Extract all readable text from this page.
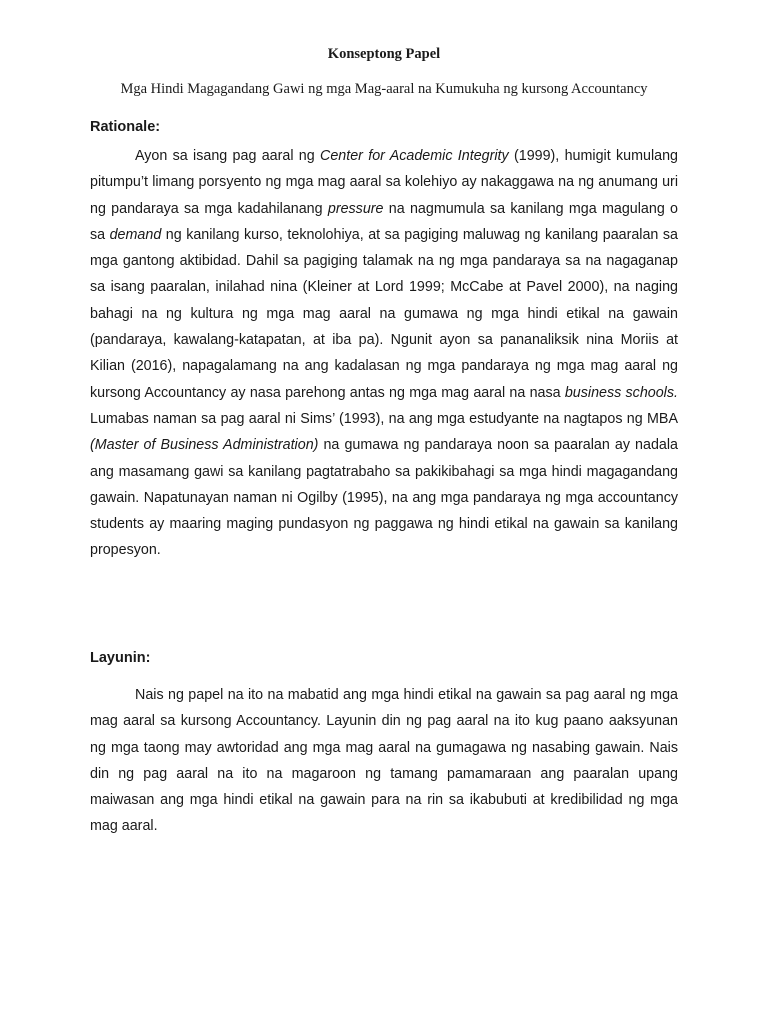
Konseptong Papel

Mga Hindi Magagandang Gawi ng mga Mag-aaral na Kumukuha ng kursong Accountancy

Rationale:

Ayon sa isang pag aaral ng Center for Academic Integrity (1999), humigit kumulang pitumpu’t limang porsyento ng mga mag aaral sa kolehiyo ay nakaggawa na ng anumang uri ng pandaraya sa mga kadahilanang pressure na nagmumula sa kanilang mga magulang o sa demand ng kanilang kurso, teknolohiya, at sa pagiging maluwag ng kanilang paaralan sa mga gantong aktibidad. Dahil sa pagiging talamak na ng mga pandaraya sa na nagaganap sa isang paaralan, inilahad nina (Kleiner at Lord 1999; McCabe at Pavel 2000), na naging bahagi na ng kultura ng mga mag aaral na gumawa ng mga hindi etikal na gawain (pandaraya, kawalang-katapatan, at iba pa). Ngunit ayon sa pananaliksik nina Moriis at Kilian (2016), napagalamang na ang kadalasan ng mga pandaraya ng mga mag aaral ng kursong Accountancy ay nasa parehong antas ng mga mag aaral na nasa business schools. Lumabas naman sa pag aaral ni Sims’ (1993), na ang mga estudyante na nagtapos ng MBA (Master of Business Administration) na gumawa ng pandaraya noon sa paaralan ay nadala ang masamang gawi sa kanilang pagtatrabaho sa pakikibahagi sa mga hindi magagandang gawain. Napatunayan naman ni Ogilby (1995), na ang mga pandaraya ng mga accountancy students ay maaring maging pundasyon ng paggawa ng hindi etikal na gawain sa kanilang propesyon.

Layunin:

Nais ng papel na ito na mabatid ang mga hindi etikal na gawain sa pag aaral ng mga mag aaral sa kursong Accountancy. Layunin din ng pag aaral na ito kug paano aaksyunan ng mga taong may awtoridad ang mga mag aaral na gumagawa ng nasabing gawain. Nais din ng pag aaral na ito na magaroon ng tamang pamamaraan ang paaralan upang maiwasan ang mga hindi etikal na gawain para na rin sa ikabubuti at kredibilidad ng mga mag aaral.
